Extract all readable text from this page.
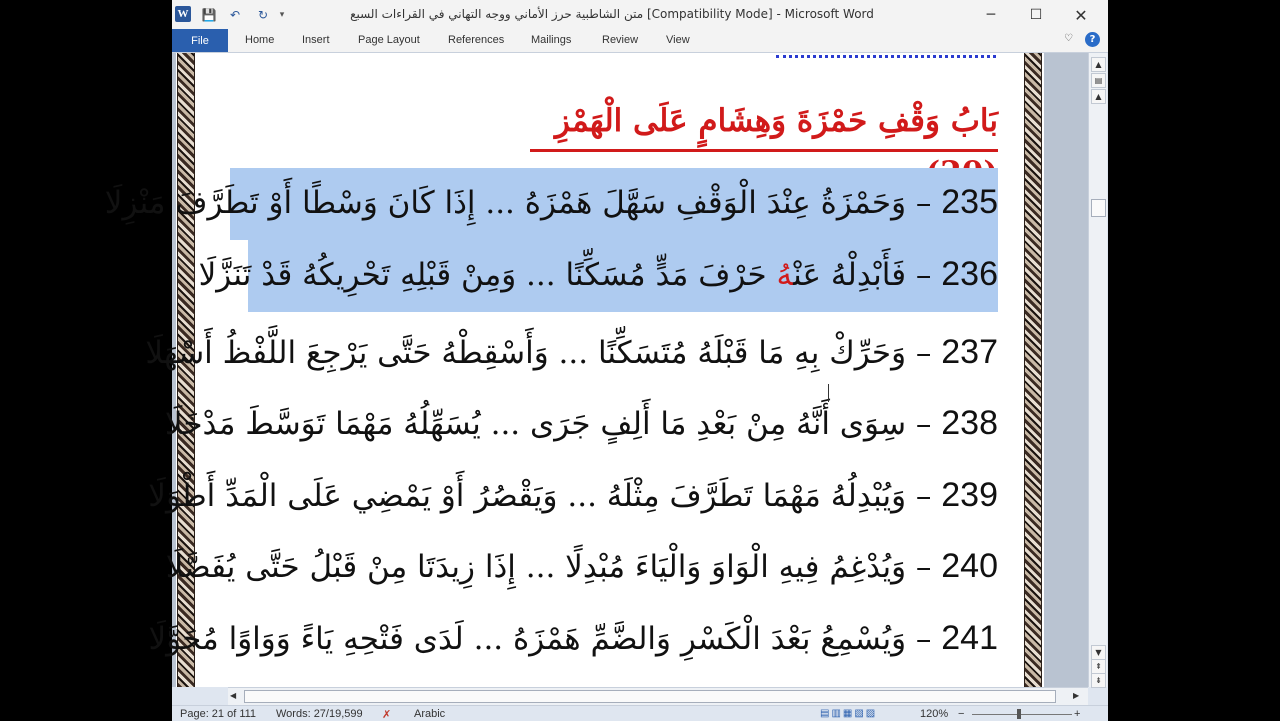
W 💾	↶	↻	▾	متن الشاطبية حرز الأماني ووجه التهاني في القراءات السبع [Compatibility Mode] - Microsoft Word	─	☐	✕
File	Home	Insert	Page Layout	References Mailings	Review	View	♡	?
بَابُ وَقْفِ حَمْزَةَ وَهِشَامٍ عَلَى الْهَمْزِ
235 – وَحَمْزَةُ عِنْدَ الْوَقْفِ سَهَّلَ هَمْزَهُ ... إِذَا كَانَ وَسْطًا أَوْ تَطَرَّفَ مَنْزِلَا
236 – فَأَبْدِلْهُ عَنْهُ حَرْفَ مَدٍّ مُسَكِّنًا ... وَمِنْ قَبْلِهِ تَحْرِيكُهُ قَدْ تَنَزَّلَا
237 – وَحَرِّكْ بِهِ مَا قَبْلَهُ مُتَسَكِّنًا ... وَأَسْقِطْهُ حَتَّى يَرْجِعَ اللَّفْظُ أَسْهَلَا
238 – سِوَى أَنَّهُ مِنْ بَعْدِ مَا أَلِفٍ جَرَى ... يُسَهِّلُهُ مَهْمَا تَوَسَّطَ مَدْخَلَا
239 – وَيُبْدِلُهُ مَهْمَا تَطَرَّفَ مِثْلَهُ ... وَيَقْصُرُ أَوْ يَمْضِي عَلَى الْمَدِّ أَطْوَلَا
240 – وَيُدْغِمُ فِيهِ الْوَاوَ وَالْيَاءَ مُبْدِلًا ... إِذَا زِيدَتَا مِنْ قَبْلُ حَتَّى يُفَصَّلَا
241 – وَيُسْمِعُ بَعْدَ الْكَسْرِ وَالضَّمِّ هَمْزَهُ ... لَدَى فَتْحِهِ يَاءً وَوَاوًا مُحَوَّلَا
▲
▤
▲
▼
⇞
⇟
◀	▶
Page: 21 of 111 Words: 27/19,599 ✗ Arabic	▤▥▦▧▨	120% −	+
